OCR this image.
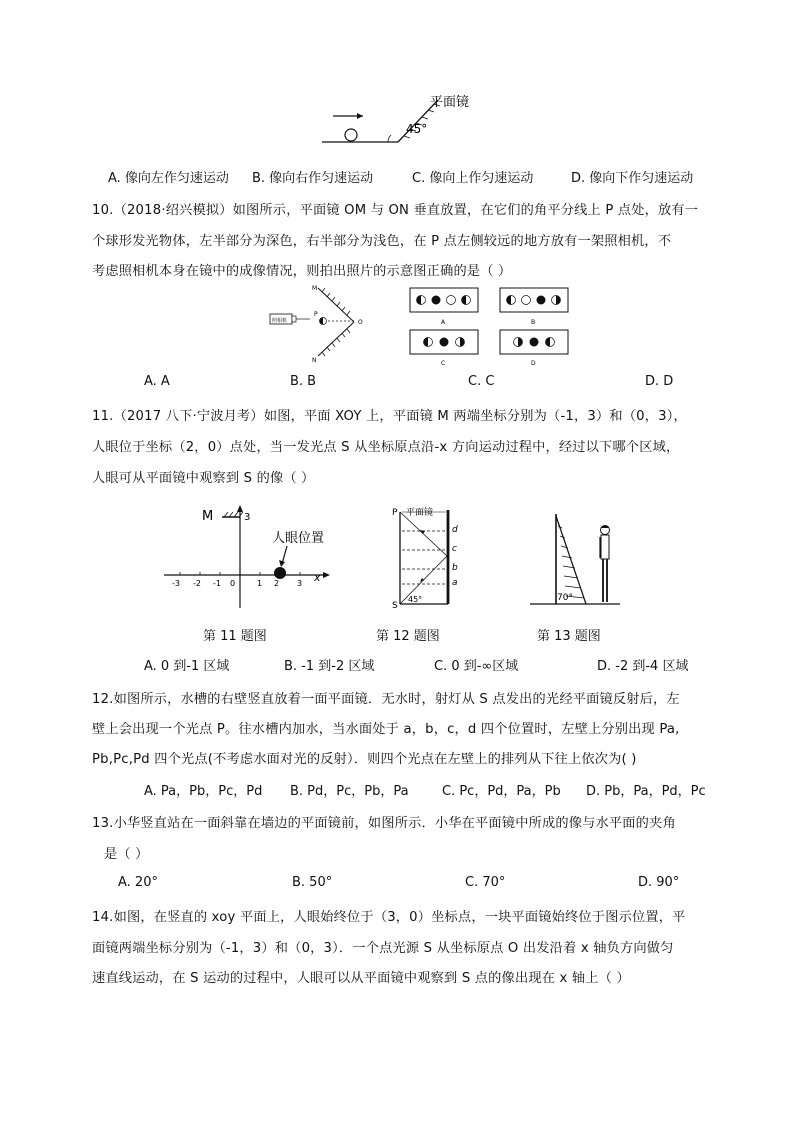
平面镜
45°
A. 像向左作匀速运动 B. 像向右作匀速运动	C. 像向上作匀速运动	D. 像向下作匀速运动
10.（2018·绍兴模拟）如图所示，平面镜 OM 与 ON 垂直放置，在它们的角平分线上 P 点处，放有一
个球形发光物体，左半部分为深色，右半部分为浅色，在 P 点左侧较远的地方放有一架照相机，不
考虑照相机本身在镜中的成像情况，则拍出照片的示意图正确的是（ ）
照相机
M
P
O
N
A	B
C	D
A. A	B. B	C. C	D. D
11.（2017 八下·宁波月考）如图，平面 XOY 上，平面镜 M 两端坐标分别为（-1，3）和（0，3），
人眼位于坐标（2，0）点处，当一发光点 S 从坐标原点沿-x 方向运动过程中，经过以下哪个区域，
人眼可从平面镜中观察到 S 的像（ ）
M	3
-3 -2 -1 0	1 2 3 x
人眼位置
P 平面镜
d
c
b
a
S
45°	70°
第 11 题图	第 12 题图	第 13 题图
A. 0 到-1 区域	B. -1 到-2 区域	C. 0 到-∞区域	D. -2 到-4 区域
12.如图所示，水槽的右壁竖直放着一面平面镜．无水时，射灯从 S 点发出的光经平面镜反射后，左
壁上会出现一个光点 P。往水槽内加水，当水面处于 a，b，c，d 四个位置时，左壁上分别出现 Pa,
Pb,Pc,Pd 四个光点(不考虑水面对光的反射）．则四个光点在左壁上的排列从下往上依次为( )
A. Pa，Pb，Pc，Pd B. Pd，Pc，Pb，Pa	C. Pc，Pd，Pa，Pb D. Pb，Pa，Pd，Pc
13.小华竖直站在一面斜靠在墙边的平面镜前，如图所示．小华在平面镜中所成的像与水平面的夹角
是（ ）
A. 20°	B. 50°	C. 70°	D. 90°
14.如图，在竖直的 xoy 平面上，人眼始终位于（3，0）坐标点，一块平面镜始终位于图示位置，平
面镜两端坐标分别为（-1，3）和（0，3）．一个点光源 S 从坐标原点 O 出发沿着 x 轴负方向做匀
速直线运动，在 S 运动的过程中，人眼可以从平面镜中观察到 S 点的像出现在 x 轴上（ ）
